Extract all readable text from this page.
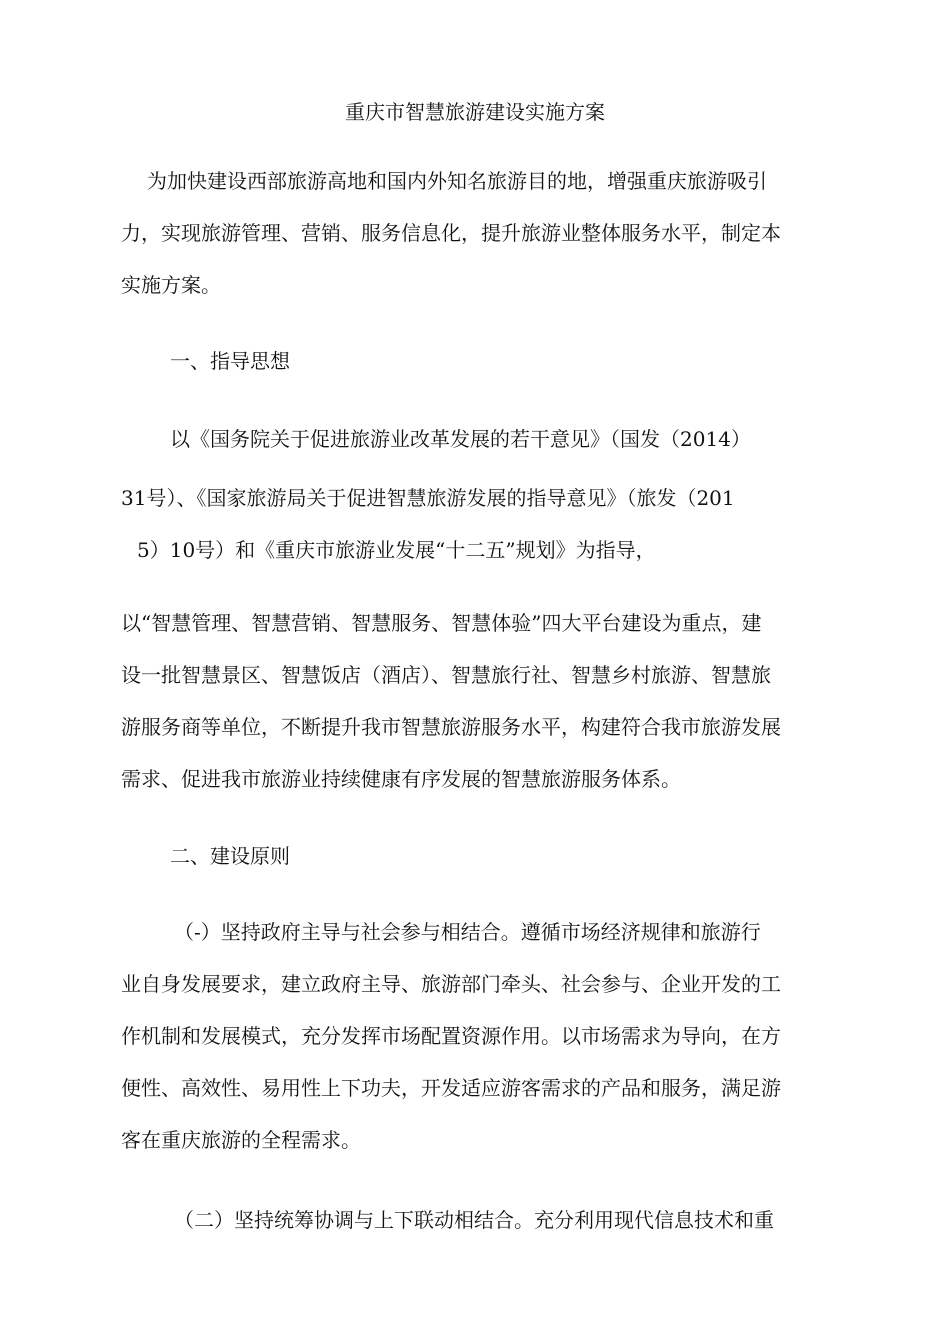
重庆市智慧旅游建设实施方案
为加快建设西部旅游高地和国内外知名旅游目的地，增强重庆旅游吸引
力，实现旅游管理、营销、服务信息化，提升旅游业整体服务水平，制定本
实施方案。
一、指导思想
以《国务院关于促进旅游业改革发展的若干意见》（国发（2014）
31号）、《国家旅游局关于促进智慧旅游发展的指导意见》（旅发（201
5）10号）和《重庆市旅游业发展“十二五”规划》为指导，
以“智慧管理、智慧营销、智慧服务、智慧体验”四大平台建设为重点，建
设一批智慧景区、智慧饭店（酒店）、智慧旅行社、智慧乡村旅游、智慧旅
游服务商等单位，不断提升我市智慧旅游服务水平，构建符合我市旅游发展
需求、促进我市旅游业持续健康有序发展的智慧旅游服务体系。
二、建设原则
（-）坚持政府主导与社会参与相结合。遵循市场经济规律和旅游行
业自身发展要求，建立政府主导、旅游部门牵头、社会参与、企业开发的工
作机制和发展模式，充分发挥市场配置资源作用。以市场需求为导向，在方
便性、高效性、易用性上下功夫，开发适应游客需求的产品和服务，满足游
客在重庆旅游的全程需求。
（二）坚持统筹协调与上下联动相结合。充分利用现代信息技术和重
